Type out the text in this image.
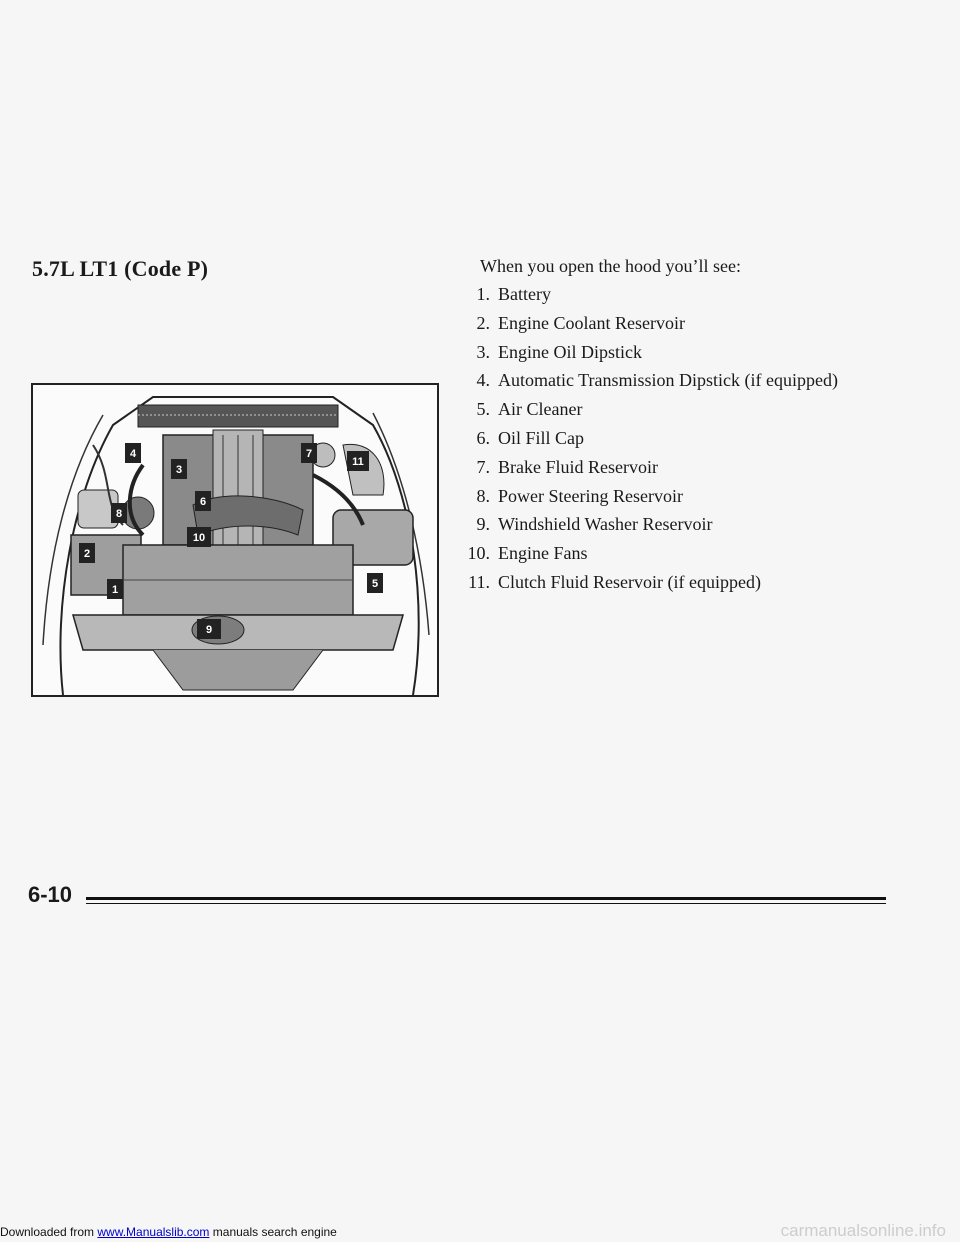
5.7L LT1 (Code P)
1
2
3
4
5
6
7
8
9
10
11

When you open the hood you’ll see:

1. Battery
2. Engine Coolant Reservoir
3. Engine Oil Dipstick
4. Automatic Transmission Dipstick (if equipped)
5. Air Cleaner
6. Oil Fill Cap
7. Brake Fluid Reservoir
8. Power Steering Reservoir
9. Windshield Washer Reservoir
10. Engine Fans
11. Clutch Fluid Reservoir (if equipped)
6-10
Downloaded from www.Manualslib.com manuals search engine	carmanualsonline.info
